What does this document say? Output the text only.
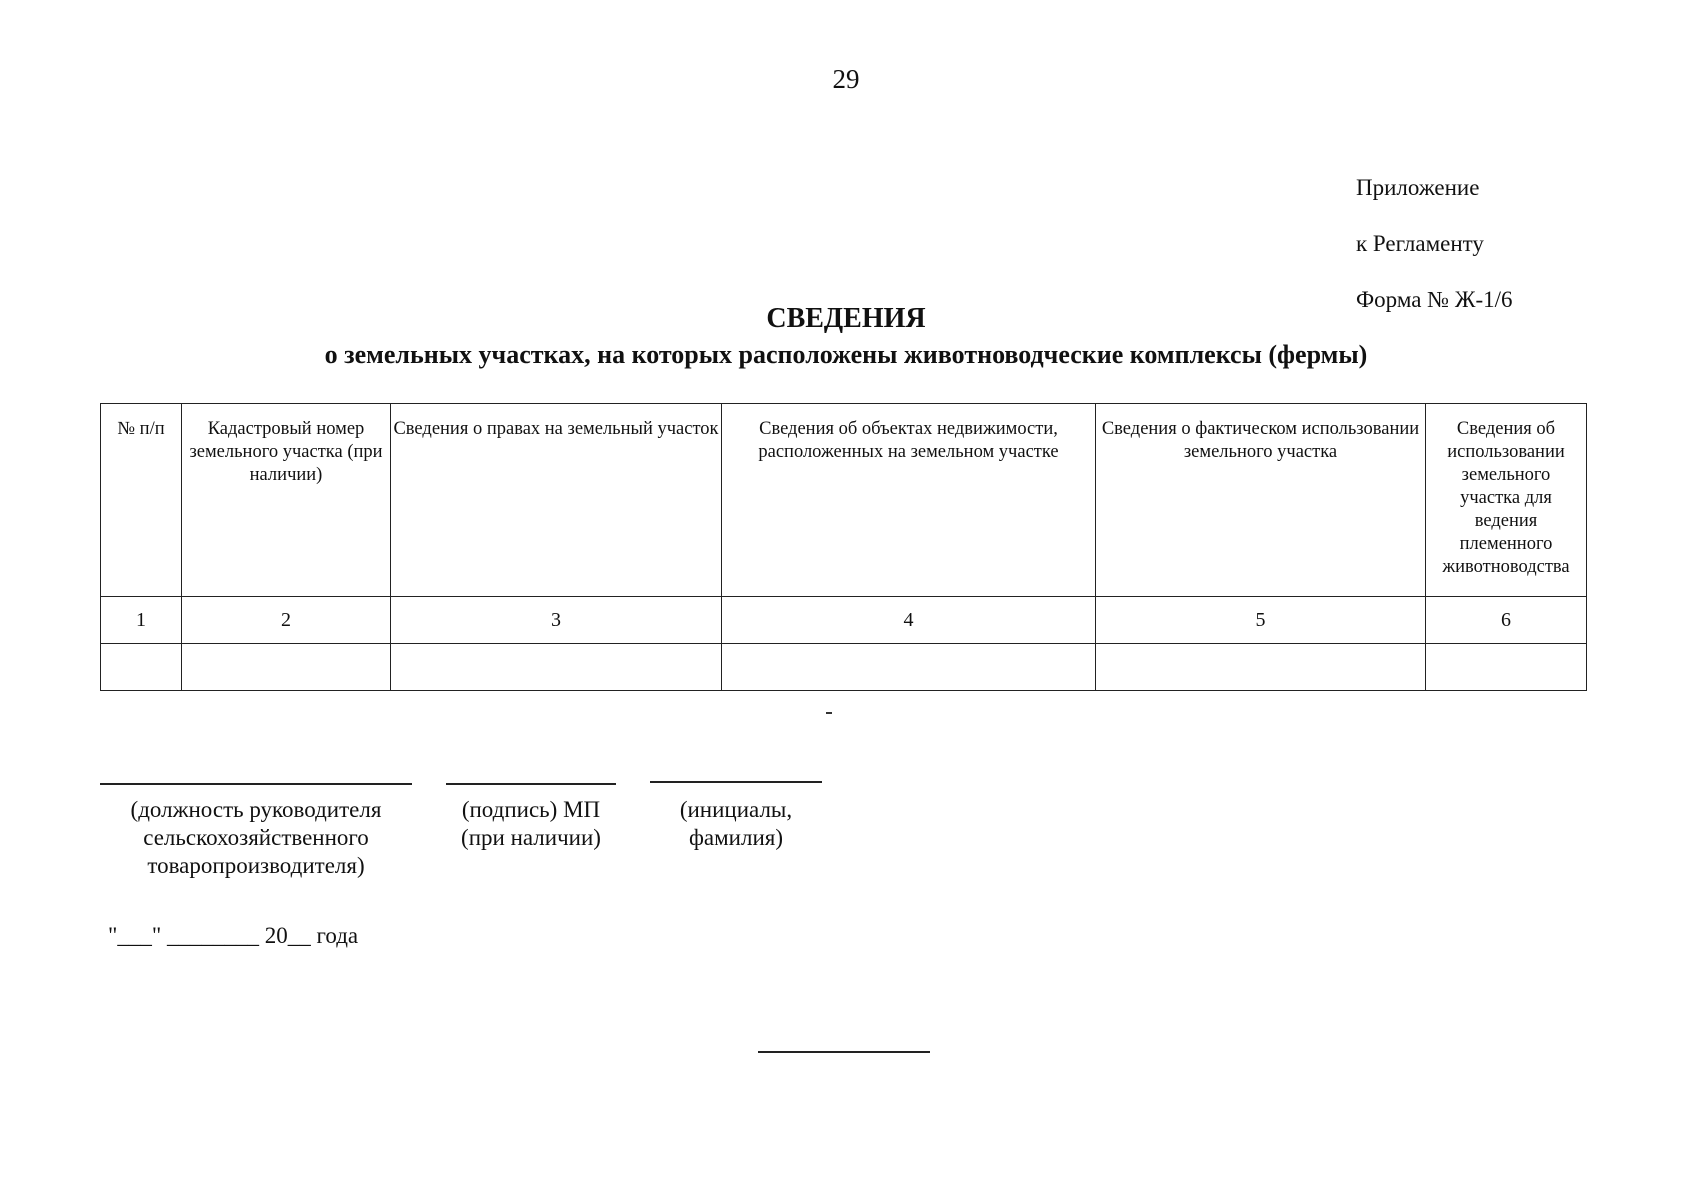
29
Приложение
к Регламенту
Форма № Ж-1/6
СВЕДЕНИЯ
о земельных участках, на которых расположены животноводческие комплексы (фермы)
№ п/п	Кадастровый номер земельного участка (при наличии)	Сведения о правах на земельный участок	Сведения об объектах недвижимости, расположенных на земельном участке	Сведения о фактическом использовании земельного участка	Сведения об использовании земельного участка для ведения племенного животноводства
1	2	3	4	5	6

(должность руководителя сельскохозяйственного товаропроизводителя)
(подпись) МП (при наличии)
(инициалы, фамилия)
"___" ________ 20__ года
